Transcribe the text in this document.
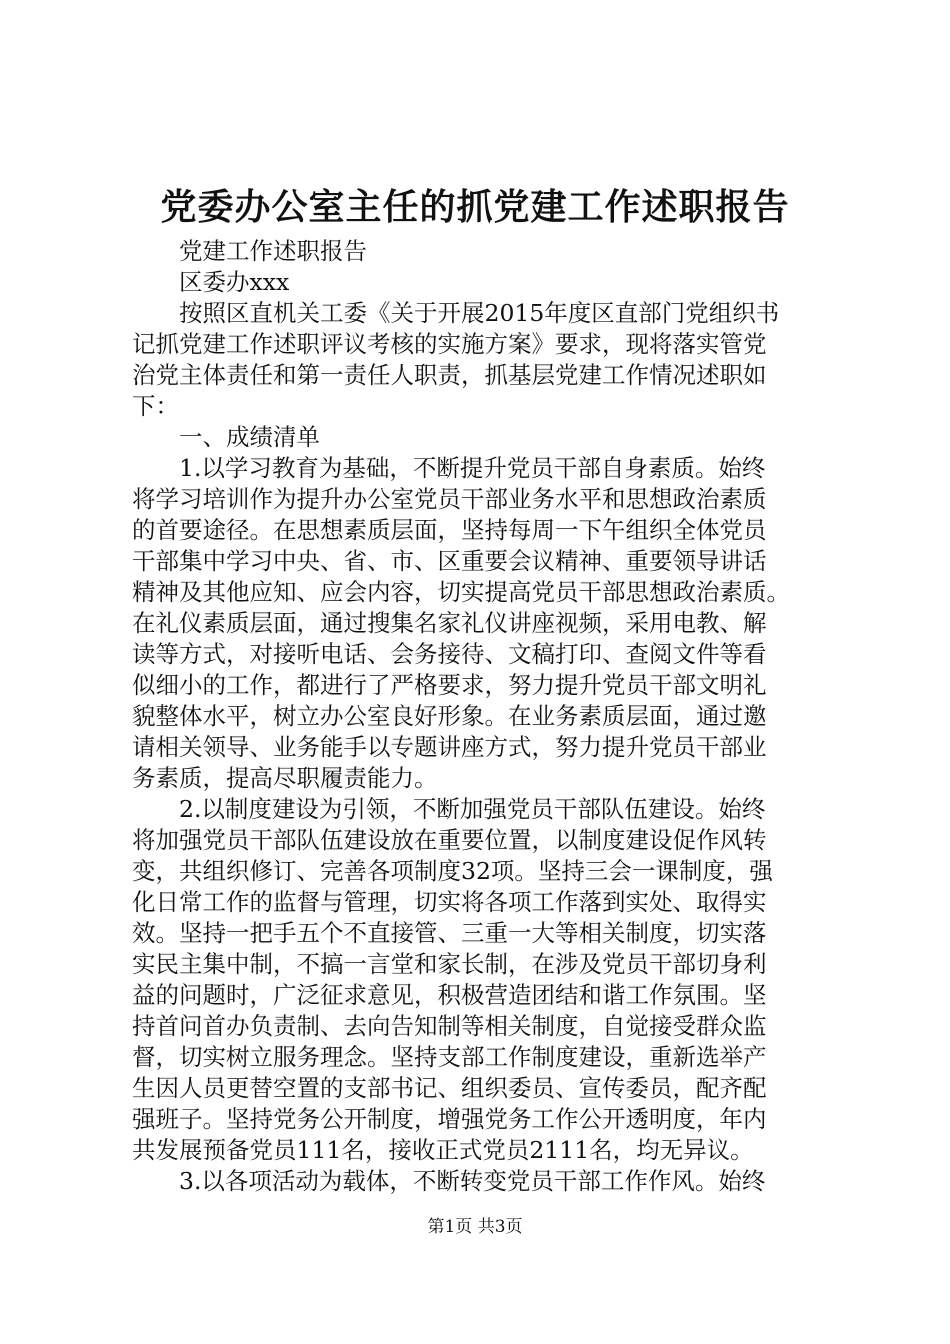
党委办公室主任的抓党建工作述职报告
党建工作述职报告
区委办xxx
按照区直机关工委《关于开展2015年度区直部门党组织书
记抓党建工作述职评议考核的实施方案》要求，现将落实管党
治党主体责任和第一责任人职责，抓基层党建工作情况述职如
下：
一、成绩清单
1.以学习教育为基础，不断提升党员干部自身素质。始终
将学习培训作为提升办公室党员干部业务水平和思想政治素质
的首要途径。在思想素质层面，坚持每周一下午组织全体党员
干部集中学习中央、省、市、区重要会议精神、重要领导讲话
精神及其他应知、应会内容，切实提高党员干部思想政治素质。
在礼仪素质层面，通过搜集名家礼仪讲座视频，采用电教、解
读等方式，对接听电话、会务接待、文稿打印、查阅文件等看
似细小的工作，都进行了严格要求，努力提升党员干部文明礼
貌整体水平，树立办公室良好形象。在业务素质层面，通过邀
请相关领导、业务能手以专题讲座方式，努力提升党员干部业
务素质，提高尽职履责能力。
2.以制度建设为引领，不断加强党员干部队伍建设。始终
将加强党员干部队伍建设放在重要位置，以制度建设促作风转
变，共组织修订、完善各项制度32项。坚持三会一课制度，强
化日常工作的监督与管理，切实将各项工作落到实处、取得实
效。坚持一把手五个不直接管、三重一大等相关制度，切实落
实民主集中制，不搞一言堂和家长制，在涉及党员干部切身利
益的问题时，广泛征求意见，积极营造团结和谐工作氛围。坚
持首问首办负责制、去向告知制等相关制度，自觉接受群众监
督，切实树立服务理念。坚持支部工作制度建设，重新选举产
生因人员更替空置的支部书记、组织委员、宣传委员，配齐配
强班子。坚持党务公开制度，增强党务工作公开透明度，年内
共发展预备党员111名，接收正式党员2111名，均无异议。
3.以各项活动为载体，不断转变党员干部工作作风。始终
第1页 共3页
